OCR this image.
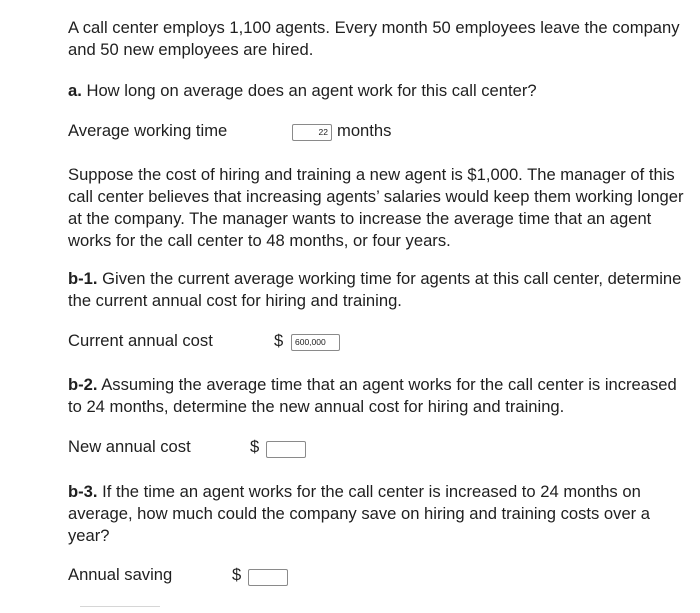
A call center employs 1,100 agents. Every month 50 employees leave the company and 50 new employees are hired.
a. How long on average does an agent work for this call center?
Average working time	22 months
Suppose the cost of hiring and training a new agent is $1,000. The manager of this call center believes that increasing agents’ salaries would keep them working longer at the company. The manager wants to increase the average time that an agent works for the call center to 48 months, or four years.
b-1. Given the current average working time for agents at this call center, determine the current annual cost for hiring and training.
Current annual cost	$	600,000
b-2. Assuming the average time that an agent works for the call center is increased to 24 months, determine the new annual cost for hiring and training.
New annual cost	$
b-3. If the time an agent works for the call center is increased to 24 months on average, how much could the company save on hiring and training costs over a year?
Annual saving	$
